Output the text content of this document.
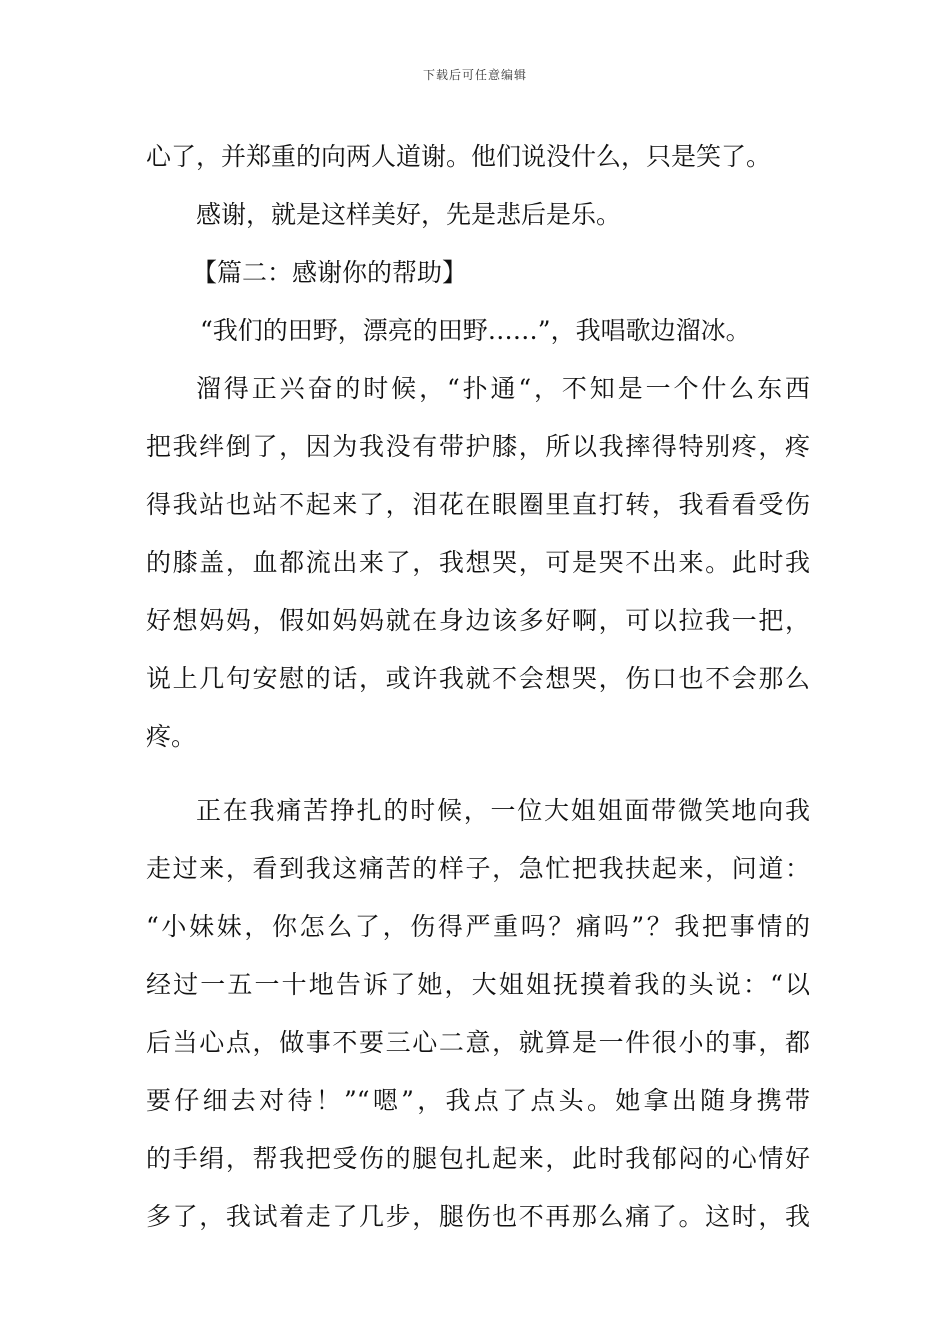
下载后可任意编辑
心了，并郑重的向两人道谢。他们说没什么，只是笑了。
感谢，就是这样美好，先是悲后是乐。
【篇二：感谢你的帮助】
“我们的田野，漂亮的田野……”，我唱歌边溜冰。
溜得正兴奋的时候，“扑通“，不知是一个什么东西
把我绊倒了，因为我没有带护膝，所以我摔得特别疼，疼
得我站也站不起来了，泪花在眼圈里直打转，我看看受伤
的膝盖，血都流出来了，我想哭，可是哭不出来。此时我
好想妈妈，假如妈妈就在身边该多好啊，可以拉我一把，
说上几句安慰的话，或许我就不会想哭，伤口也不会那么
疼。
正在我痛苦挣扎的时候，一位大姐姐面带微笑地向我
走过来，看到我这痛苦的样子，急忙把我扶起来，问道：
“小妹妹，你怎么了，伤得严重吗？痛吗”？我把事情的
经过一五一十地告诉了她，大姐姐抚摸着我的头说：“以
后当心点，做事不要三心二意，就算是一件很小的事，都
要仔细去对待！”“嗯”，我点了点头。她拿出随身携带
的手绢，帮我把受伤的腿包扎起来，此时我郁闷的心情好
多了，我试着走了几步，腿伤也不再那么痛了。这时，我
